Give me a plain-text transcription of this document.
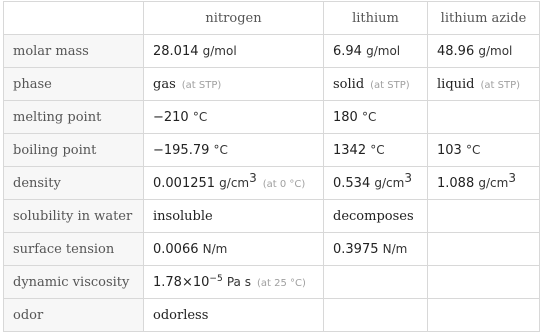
	nitrogen	lithium	lithium azide
molar mass	28.014 g/mol	6.94 g/mol	48.96 g/mol
phase	gas (at STP)	solid (at STP)	liquid (at STP)
melting point	−210 °C	180 °C	
boiling point	−195.79 °C	1342 °C	103 °C
density	0.001251 $g/cm^3$ (at 0 °C)	0.534 $g/cm^3$	1.088 $g/cm^3$
solubility in water	insoluble	decomposes	
surface tension	0.0066 N/m	0.3975 N/m	
dynamic viscosity	$1.78\times 10^{-5}$ Pa s (at 25 °C)		
odor	odorless		
